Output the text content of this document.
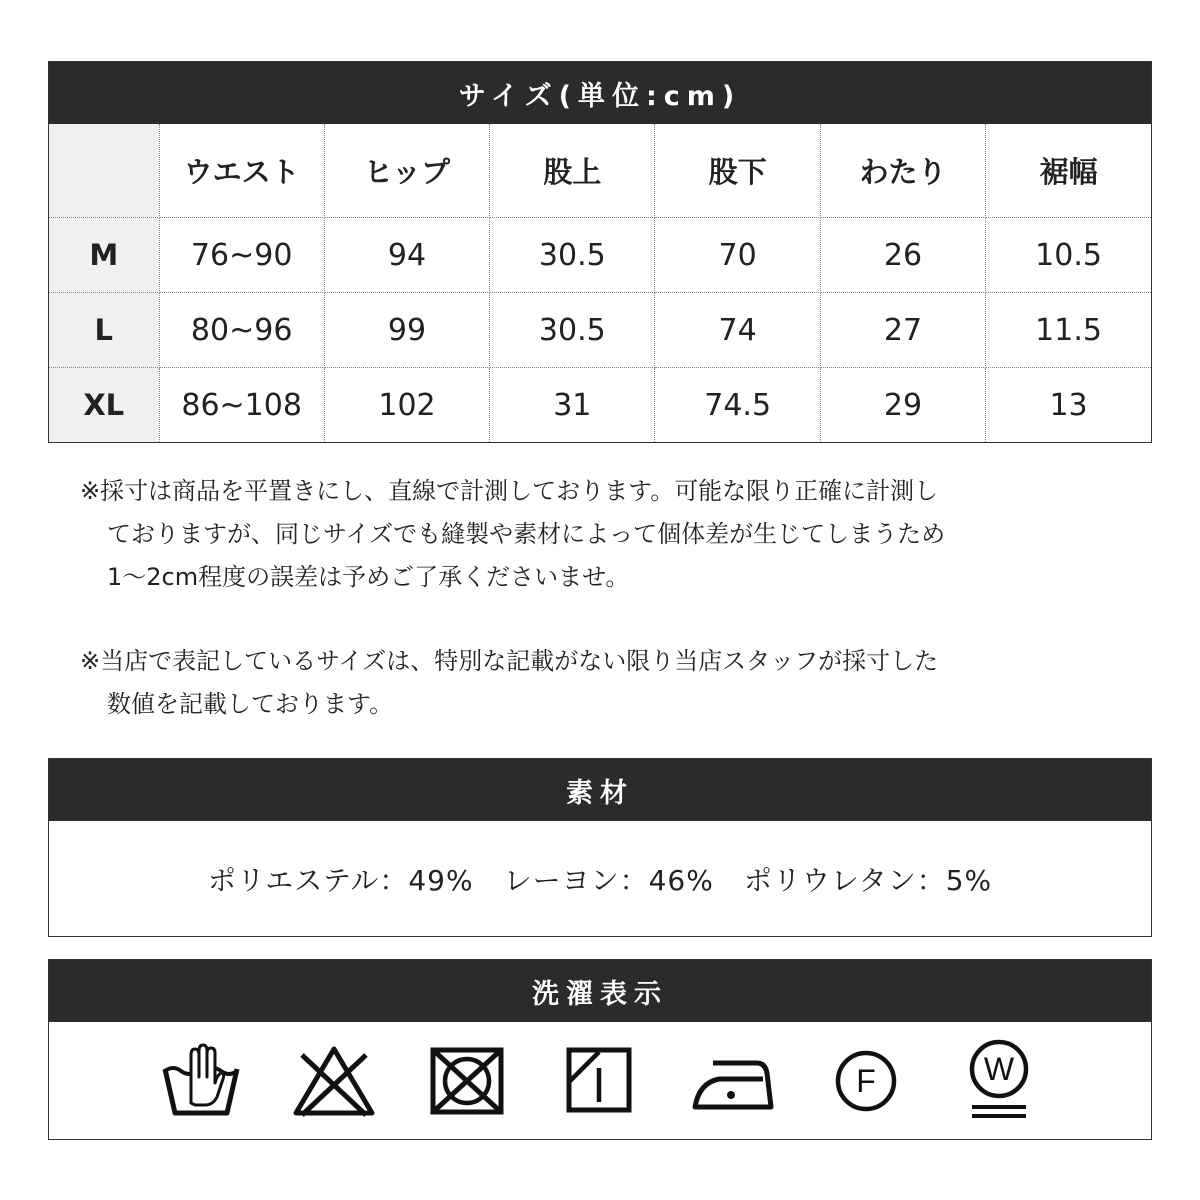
サイズ(単位:cm)
	ウエスト	ヒップ	股上	股下	わたり	裾幅
M	76~90	94	30.5	70	26	10.5
L	80~96	99	30.5	74	27	11.5
XL	86~108	102	31	74.5	29	13
※採寸は商品を平置きにし、直線で計測しております。可能な限り正確に計測し
ておりますが、同じサイズでも縫製や素材によって個体差が生じてしまうため
1～2cm程度の誤差は予めご了承くださいませ。
※当店で表記しているサイズは、特別な記載がない限り当店スタッフが採寸した
数値を記載しております。
素材
ポリエステル：49% レーヨン：46% ポリウレタン：5%
洗濯表示
F	W
